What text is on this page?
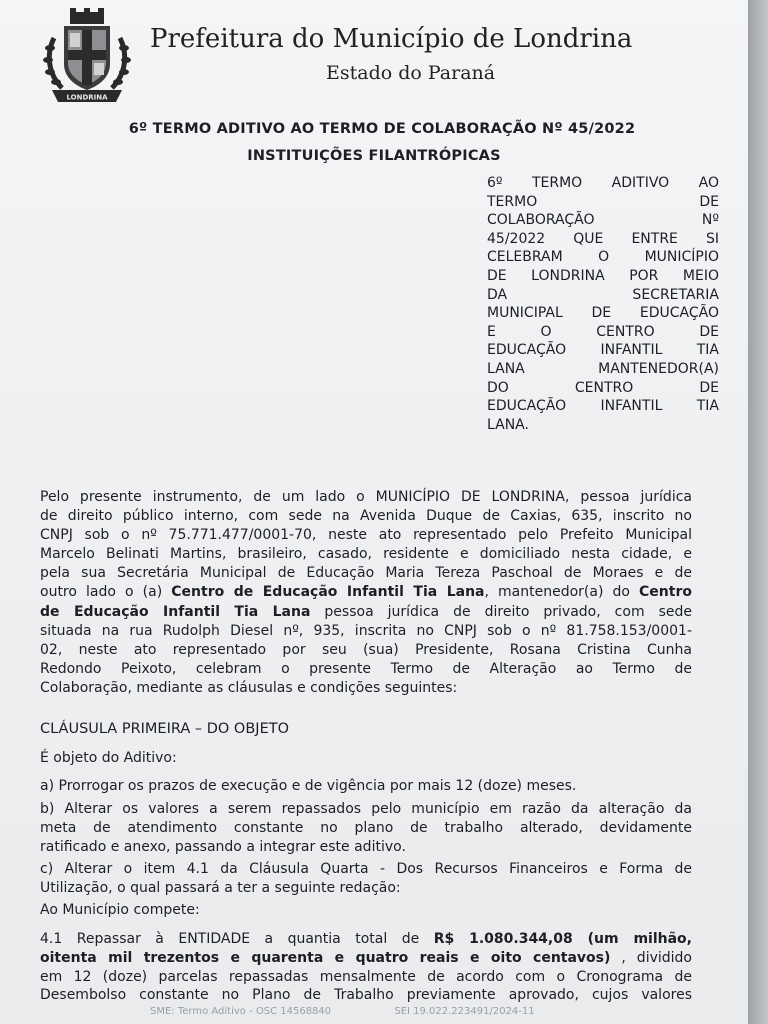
LONDRINA
Prefeitura do Município de Londrina
Estado do Paraná
6º TERMO ADITIVO AO TERMO DE COLABORAÇÃO Nº 45/2022
INSTITUIÇÕES FILANTRÓPICAS
6º TERMO ADITIVO AO
TERMO DE
COLABORAÇÃO Nº
45/2022 QUE ENTRE SI
CELEBRAM O MUNICÍPIO
DE LONDRINA POR MEIO
DA SECRETARIA
MUNICIPAL DE EDUCAÇÃO
E O CENTRO DE
EDUCAÇÃO INFANTIL TIA
LANA MANTENEDOR(A)
DO CENTRO DE
EDUCAÇÃO INFANTIL TIA
LANA.
Pelo presente instrumento, de um lado o MUNICÍPIO DE LONDRINA, pessoa jurídica
de direito público interno, com sede na Avenida Duque de Caxias, 635, inscrito no
CNPJ sob o nº 75.771.477/0001-70, neste ato representado pelo Prefeito Municipal
Marcelo Belinati Martins, brasileiro, casado, residente e domiciliado nesta cidade, e
pela sua Secretária Municipal de Educação Maria Tereza Paschoal de Moraes e de
outro lado o (a) Centro de Educação Infantil Tia Lana, mantenedor(a) do Centro
de Educação Infantil Tia Lana pessoa jurídica de direito privado, com sede
situada na rua Rudolph Diesel nº, 935, inscrita no CNPJ sob o nº 81.758.153/0001-
02, neste ato representado por seu (sua) Presidente, Rosana Cristina Cunha
Redondo Peixoto, celebram o presente Termo de Alteração ao Termo de
Colaboração, mediante as cláusulas e condições seguintes:
CLÁUSULA PRIMEIRA – DO OBJETO
É objeto do Aditivo:
a) Prorrogar os prazos de execução e de vigência por mais 12 (doze) meses.
b) Alterar os valores a serem repassados pelo município em razão da alteração da
meta de atendimento constante no plano de trabalho alterado, devidamente
ratificado e anexo, passando a integrar este aditivo.
c) Alterar o item 4.1 da Cláusula Quarta - Dos Recursos Financeiros e Forma de
Utilização, o qual passará a ter a seguinte redação:
Ao Município compete:
4.1 Repassar à ENTIDADE a quantia total de R$ 1.080.344,08 (um milhão,
oitenta mil trezentos e quarenta e quatro reais e oito centavos) , dividido
em 12 (doze) parcelas repassadas mensalmente de acordo com o Cronograma de
Desembolso constante no Plano de Trabalho previamente aprovado, cujos valores
SME: Termo Aditivo - OSC 14568840	SEI 19.022.223491/2024-11
